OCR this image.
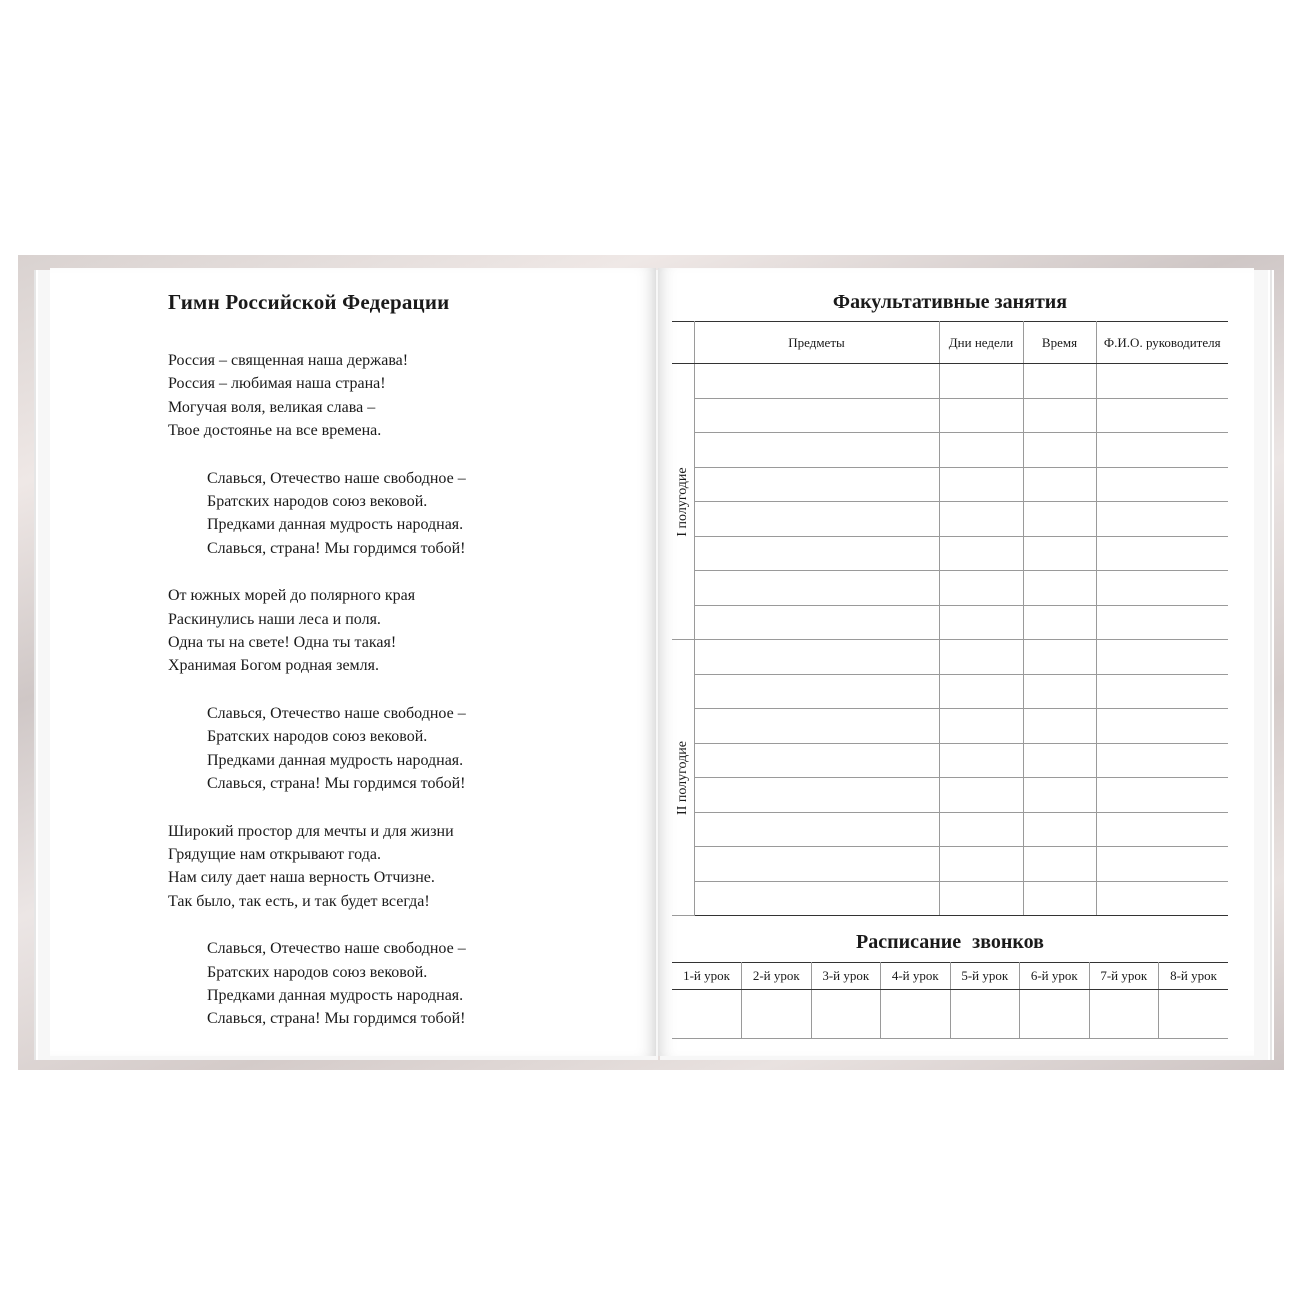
Гимн Российской Федерации
Россия – священная наша держава!
Россия – любимая наша страна!
Могучая воля, великая слава –
Твое достоянье на все времена.
Славься, Отечество наше свободное –
Братских народов союз вековой.
Предками данная мудрость народная.
Славься, страна! Мы гордимся тобой!
От южных морей до полярного края
Раскинулись наши леса и поля.
Одна ты на свете! Одна ты такая!
Хранимая Богом родная земля.
Славься, Отечество наше свободное –
Братских народов союз вековой.
Предками данная мудрость народная.
Славься, страна! Мы гордимся тобой!
Широкий простор для мечты и для жизни
Грядущие нам открывают года.
Нам силу дает наша верность Отчизне.
Так было, так есть, и так будет всегда!
Славься, Отечество наше свободное –
Братских народов союз вековой.
Предками данная мудрость народная.
Славься, страна! Мы гордимся тобой!
Факультативные занятия
	Предметы	Дни недели	Время	Ф.И.О. руководителя

I полугодие				

II полугодие				

Расписание звонков
1-й урок	2-й урок	3-й урок	4-й урок	5-й урок	6-й урок	7-й урок	8-й урок
